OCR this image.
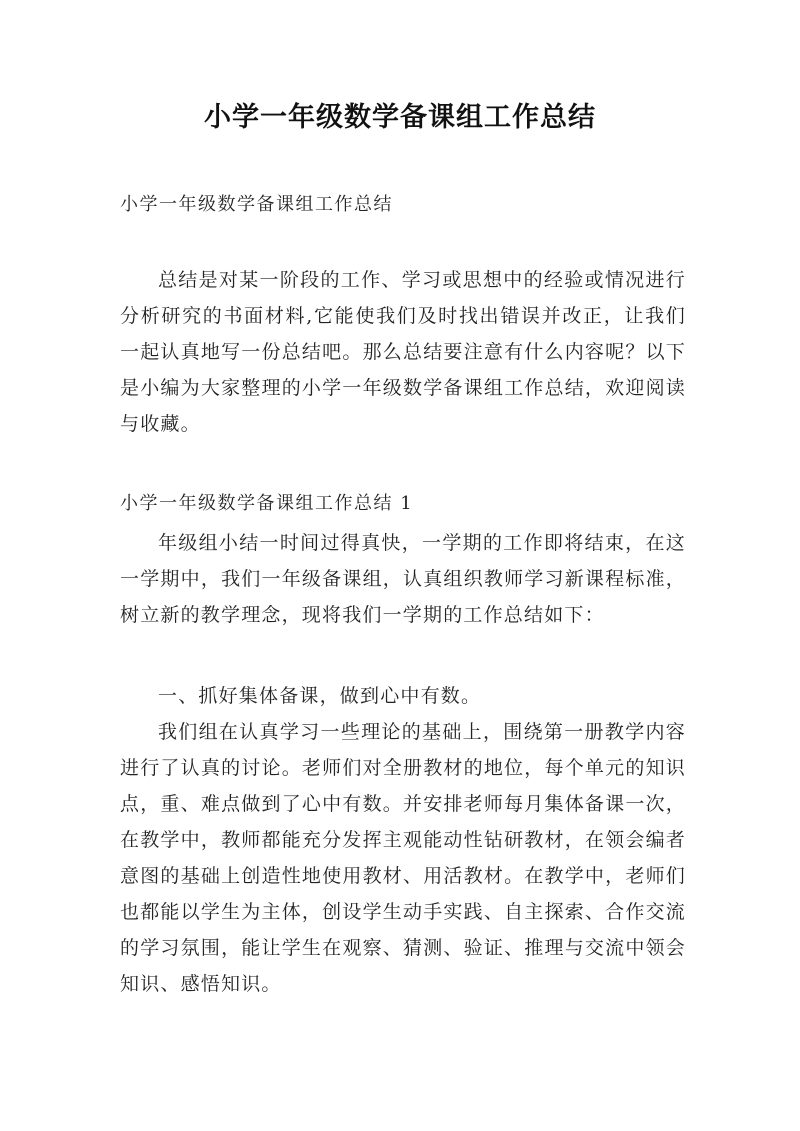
小学一年级数学备课组工作总结
小学一年级数学备课组工作总结

总结是对某一阶段的工作、学习或思想中的经验或情况进行分析研究的书面材料,它能使我们及时找出错误并改正，让我们一起认真地写一份总结吧。那么总结要注意有什么内容呢？以下是小编为大家整理的小学一年级数学备课组工作总结，欢迎阅读与收藏。

小学一年级数学备课组工作总结 1

年级组小结一时间过得真快，一学期的工作即将结束，在这一学期中，我们一年级备课组，认真组织教师学习新课程标准，树立新的教学理念，现将我们一学期的工作总结如下：

一、抓好集体备课，做到心中有数。

我们组在认真学习一些理论的基础上，围绕第一册教学内容进行了认真的讨论。老师们对全册教材的地位，每个单元的知识点，重、难点做到了心中有数。并安排老师每月集体备课一次，在教学中，教师都能充分发挥主观能动性钻研教材，在领会编者意图的基础上创造性地使用教材、用活教材。在教学中，老师们也都能以学生为主体，创设学生动手实践、自主探索、合作交流的学习氛围，能让学生在观察、猜测、验证、推理与交流中领会知识、感悟知识。
